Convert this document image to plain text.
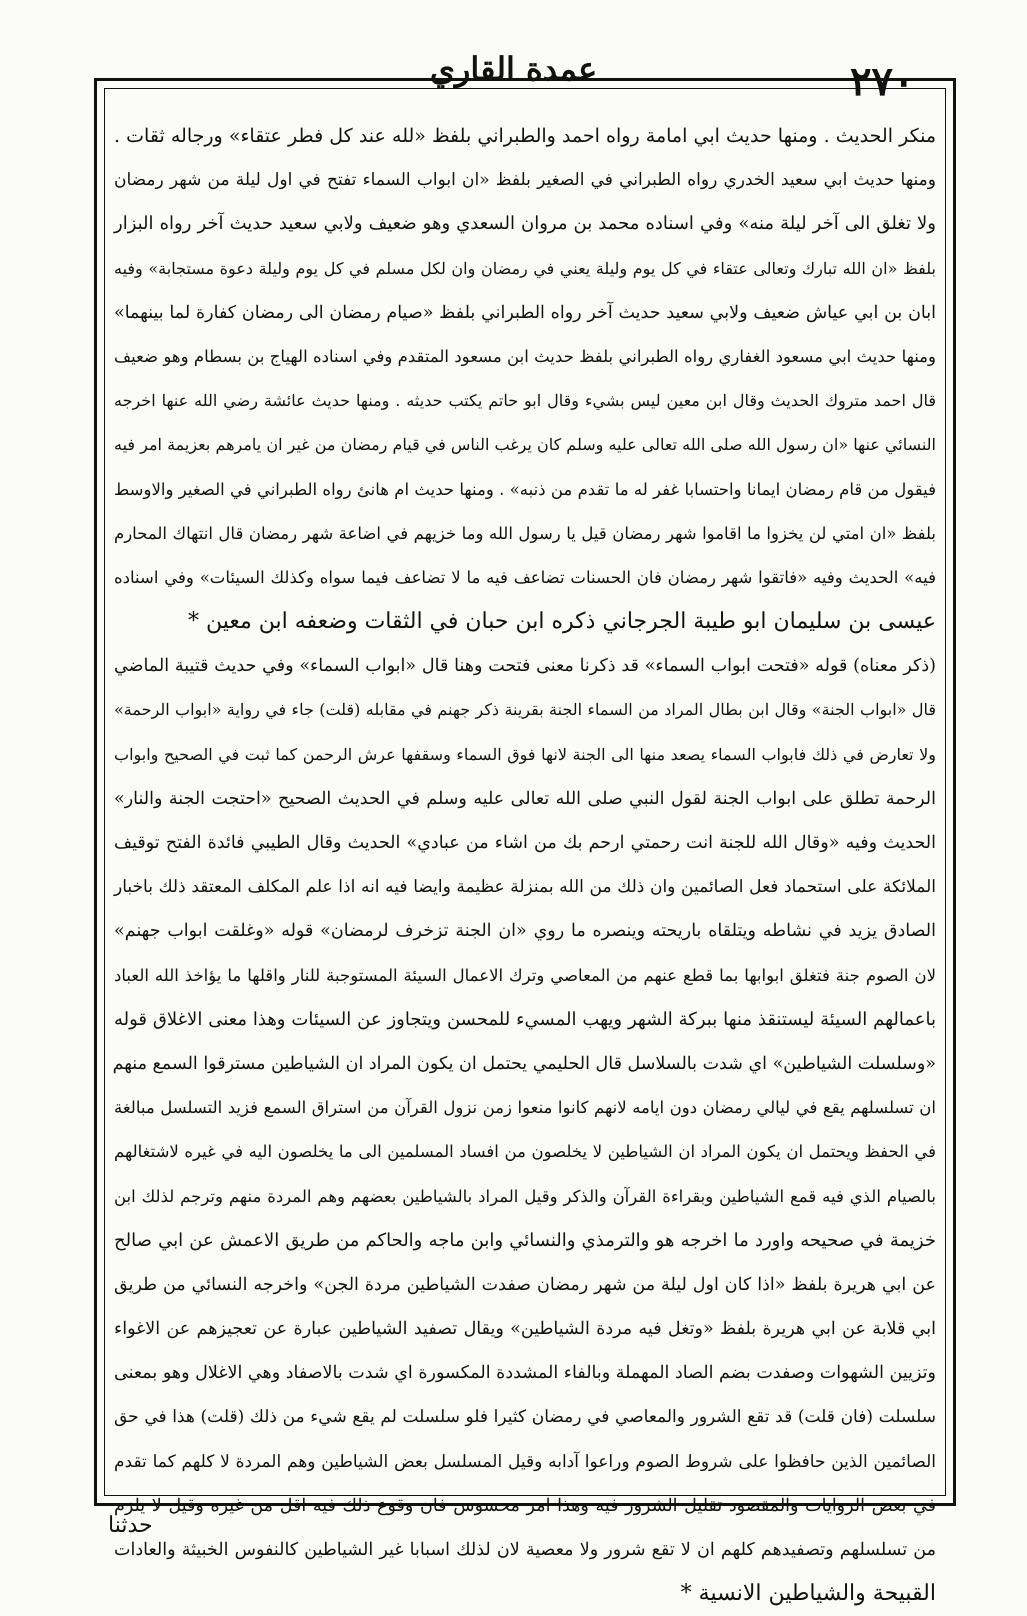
عمدة القاري	٢٧٠
منكر الحديث . ومنها حديث ابي امامة رواه احمد والطبراني بلفظ «لله عند كل فطر عتقاء» ورجاله ثقات .
ومنها حديث ابي سعيد الخدري رواه الطبراني في الصغير بلفظ «ان ابواب السماء تفتح في اول ليلة من شهر رمضان
ولا تغلق الى آخر ليلة منه» وفي اسناده محمد بن مروان السعدي وهو ضعيف ولابي سعيد حديث آخر رواه البزار
بلفظ «ان الله تبارك وتعالى عتقاء في كل يوم وليلة يعني في رمضان وان لكل مسلم في كل يوم وليلة دعوة مستجابة» وفيه
ابان بن ابي عياش ضعيف ولابي سعيد حديث آخر رواه الطبراني بلفظ «صيام رمضان الى رمضان كفارة لما بينهما»
ومنها حديث ابي مسعود الغفاري رواه الطبراني بلفظ حديث ابن مسعود المتقدم وفي اسناده الهياج بن بسطام وهو ضعيف
قال احمد متروك الحديث وقال ابن معين ليس بشيء وقال ابو حاتم يكتب حديثه . ومنها حديث عائشة رضي الله عنها اخرجه
النسائي عنها «ان رسول الله صلى الله تعالى عليه وسلم كان يرغب الناس في قيام رمضان من غير ان يامرهم بعزيمة امر فيه
فيقول من قام رمضان ايمانا واحتسابا غفر له ما تقدم من ذنبه» . ومنها حديث ام هانئ رواه الطبراني في الصغير والاوسط
بلفظ «ان امتي لن يخزوا ما اقاموا شهر رمضان قيل يا رسول الله وما خزيهم في اضاعة شهر رمضان قال انتهاك المحارم
فيه» الحديث وفيه «فاتقوا شهر رمضان فان الحسنات تضاعف فيه ما لا تضاعف فيما سواه وكذلك السيئات» وفي اسناده
عيسى بن سليمان ابو طيبة الجرجاني ذكره ابن حبان في الثقات وضعفه ابن معين *
(ذكر معناه) قوله «فتحت ابواب السماء» قد ذكرنا معنى فتحت وهنا قال «ابواب السماء» وفي حديث قتيبة الماضي
قال «ابواب الجنة» وقال ابن بطال المراد من السماء الجنة بقرينة ذكر جهنم في مقابله (قلت) جاء في رواية «ابواب الرحمة»
ولا تعارض في ذلك فابواب السماء يصعد منها الى الجنة لانها فوق السماء وسقفها عرش الرحمن كما ثبت في الصحيح وابواب
الرحمة تطلق على ابواب الجنة لقول النبي صلى الله تعالى عليه وسلم في الحديث الصحيح «احتجت الجنة والنار»
الحديث وفيه «وقال الله للجنة انت رحمتي ارحم بك من اشاء من عبادي» الحديث وقال الطيبي فائدة الفتح توقيف
الملائكة على استحماد فعل الصائمين وان ذلك من الله بمنزلة عظيمة وايضا فيه انه اذا علم المكلف المعتقد ذلك باخبار
الصادق يزيد في نشاطه ويتلقاه باريحته وينصره ما روي «ان الجنة تزخرف لرمضان» قوله «وغلقت ابواب جهنم»
لان الصوم جنة فتغلق ابوابها بما قطع عنهم من المعاصي وترك الاعمال السيئة المستوجبة للنار واقلها ما يؤاخذ الله العباد
باعمالهم السيئة ليستنقذ منها ببركة الشهر ويهب المسيء للمحسن ويتجاوز عن السيئات وهذا معنى الاغلاق قوله
«وسلسلت الشياطين» اي شدت بالسلاسل قال الحليمي يحتمل ان يكون المراد ان الشياطين مسترقوا السمع منهم
ان تسلسلهم يقع في ليالي رمضان دون ايامه لانهم كانوا منعوا زمن نزول القرآن من استراق السمع فزيد التسلسل مبالغة
في الحفظ ويحتمل ان يكون المراد ان الشياطين لا يخلصون من افساد المسلمين الى ما يخلصون اليه في غيره لاشتغالهم
بالصيام الذي فيه قمع الشياطين وبقراءة القرآن والذكر وقيل المراد بالشياطين بعضهم وهم المردة منهم وترجم لذلك ابن
خزيمة في صحيحه واورد ما اخرجه هو والترمذي والنسائي وابن ماجه والحاكم من طريق الاعمش عن ابي صالح
عن ابي هريرة بلفظ «اذا كان اول ليلة من شهر رمضان صفدت الشياطين مردة الجن» واخرجه النسائي من طريق
ابي قلابة عن ابي هريرة بلفظ «وتغل فيه مردة الشياطين» ويقال تصفيد الشياطين عبارة عن تعجيزهم عن الاغواء
وتزيين الشهوات وصفدت بضم الصاد المهملة وبالفاء المشددة المكسورة اي شدت بالاصفاد وهي الاغلال وهو بمعنى
سلسلت (فان قلت) قد تقع الشرور والمعاصي في رمضان كثيرا فلو سلسلت لم يقع شيء من ذلك (قلت) هذا في حق
الصائمين الذين حافظوا على شروط الصوم وراعوا آدابه وقيل المسلسل بعض الشياطين وهم المردة لا كلهم كما تقدم
في بعض الروايات والمقصود تقليل الشرور فيه وهذا امر محسوس فان وقوع ذلك فيه اقل من غيره وقيل لا يلزم
من تسلسلهم وتصفيدهم كلهم ان لا تقع شرور ولا معصية لان لذلك اسبابا غير الشياطين كالنفوس الخبيثة والعادات
القبيحة والشياطين الانسية *
حدثنا
